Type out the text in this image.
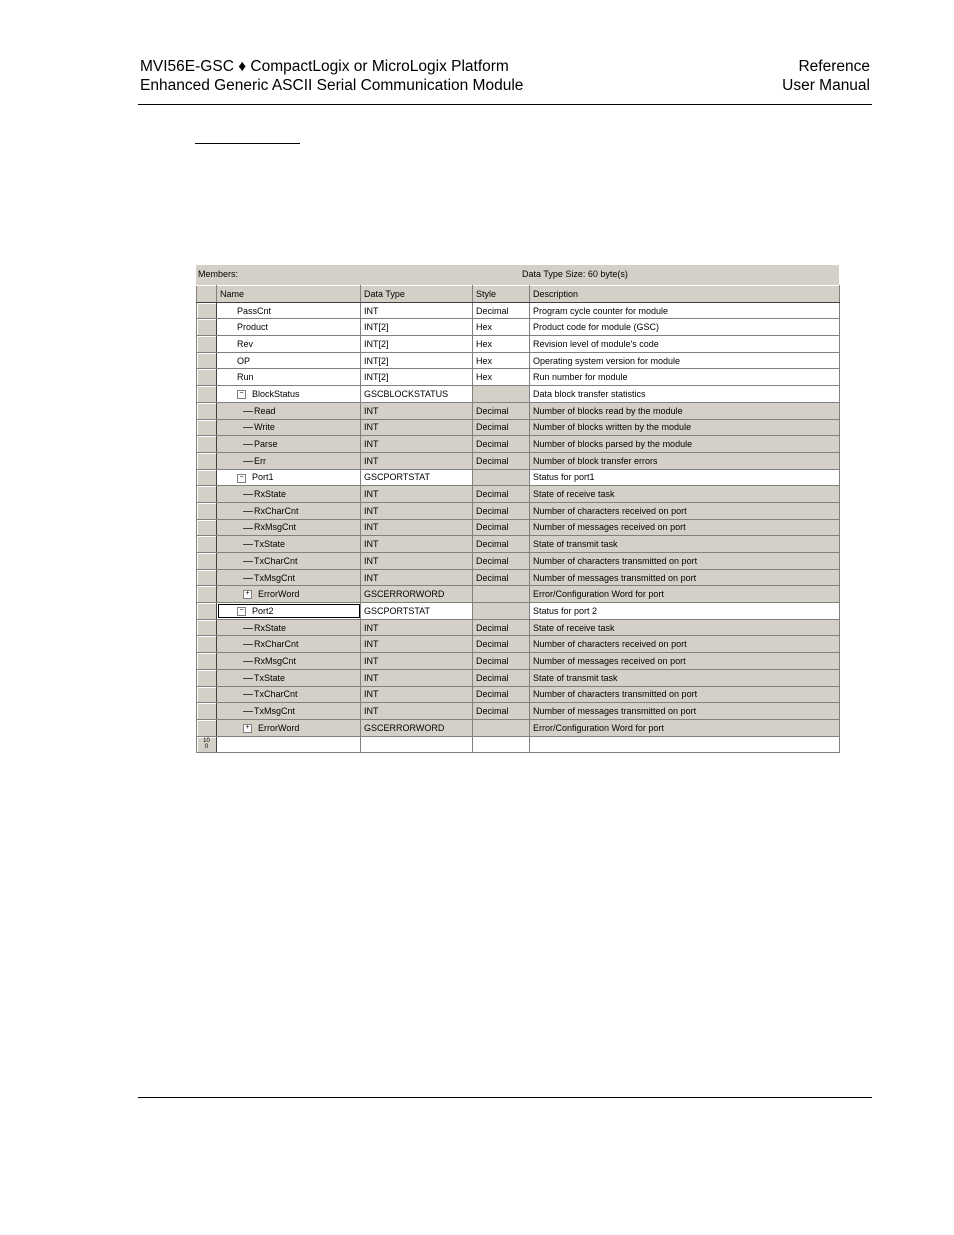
MVI56E-GSC ♦ CompactLogix or MicroLogix Platform
Enhanced Generic ASCII Serial Communication Module
Reference
User Manual
Members:	Data Type Size: 60 byte(s)
	Name	Data Type	Style	Description
	PassCnt	INT	Decimal	Program cycle counter for module
	Product	INT[2]	Hex	Product code for module (GSC)
	Rev	INT[2]	Hex	Revision level of module's code
	OP	INT[2]	Hex	Operating system version for module
	Run	INT[2]	Hex	Run number for module
	− BlockStatus	GSCBLOCKSTATUS		Data block transfer statistics
	Read	INT	Decimal	Number of blocks read by the module
	Write	INT	Decimal	Number of blocks written by the module
	Parse	INT	Decimal	Number of blocks parsed by the module
	Err	INT	Decimal	Number of block transfer errors
	− Port1	GSCPORTSTAT		Status for port1
	RxState	INT	Decimal	State of receive task
	RxCharCnt	INT	Decimal	Number of characters received on port
	RxMsgCnt	INT	Decimal	Number of messages received on port
	TxState	INT	Decimal	State of transmit task
	TxCharCnt	INT	Decimal	Number of characters transmitted on port
	TxMsgCnt	INT	Decimal	Number of messages transmitted on port
	+ ErrorWord	GSCERRORWORD		Error/Configuration Word for port
	− Port2	GSCPORTSTAT		Status for port 2
	RxState	INT	Decimal	State of receive task
	RxCharCnt	INT	Decimal	Number of characters received on port
	RxMsgCnt	INT	Decimal	Number of messages received on port
	TxState	INT	Decimal	State of transmit task
	TxCharCnt	INT	Decimal	Number of characters transmitted on port
	TxMsgCnt	INT	Decimal	Number of messages transmitted on port
	+ ErrorWord	GSCERRORWORD		Error/Configuration Word for port

10
0				
